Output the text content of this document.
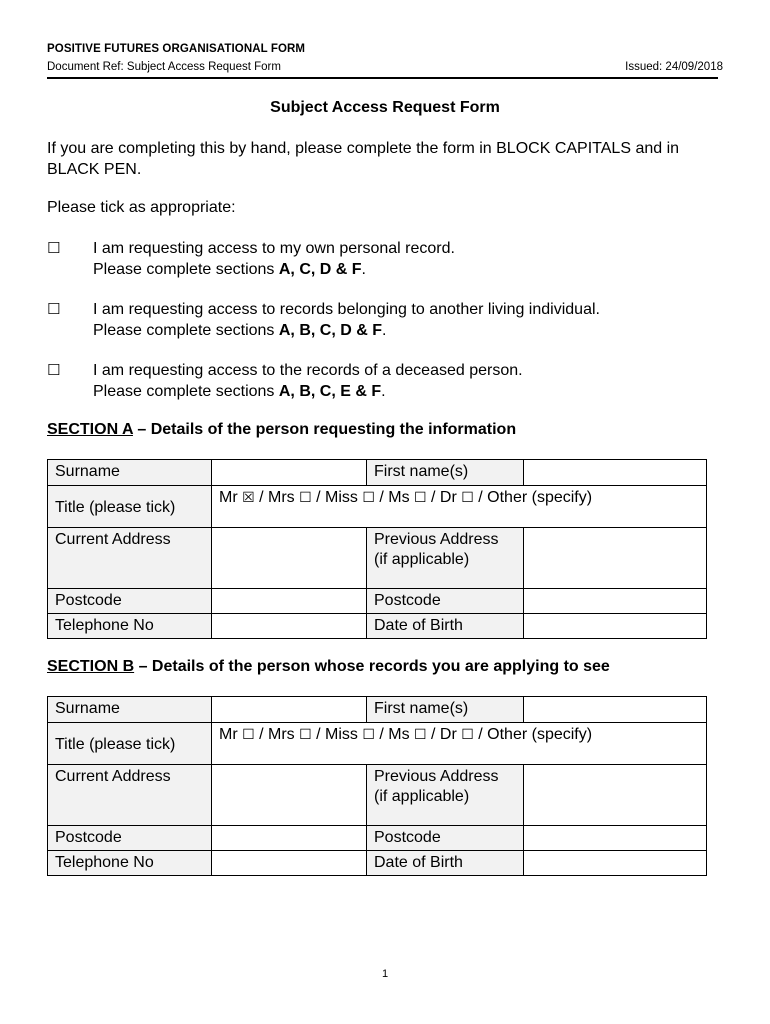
POSITIVE FUTURES ORGANISATIONAL FORM
Document Ref: Subject Access Request Form	Issued: 24/09/2018
Subject Access Request Form
If you are completing this by hand, please complete the form in BLOCK CAPITALS and in BLACK PEN.
Please tick as appropriate:
☐ I am requesting access to my own personal record.
Please complete sections A, C, D & F.
☐ I am requesting access to records belonging to another living individual.
Please complete sections A, B, C, D & F.
☐ I am requesting access to the records of a deceased person.
Please complete sections A, B, C, E & F.
SECTION A – Details of the person requesting the information
Surname		First name(s)	
Title (please tick)	Mr ☒ / Mrs ☐ / Miss ☐ / Ms ☐ / Dr ☐ / Other (specify)		
Current Address		Previous Address
(if applicable)	

Postcode		Postcode	
Telephone No		Date of Birth	
SECTION B – Details of the person whose records you are applying to see
Surname		First name(s)	
Title (please tick)	Mr ☐ / Mrs ☐ / Miss ☐ / Ms ☐ / Dr ☐ / Other (specify)		
Current Address		Previous Address
(if applicable)	

Postcode		Postcode	
Telephone No		Date of Birth	
1
